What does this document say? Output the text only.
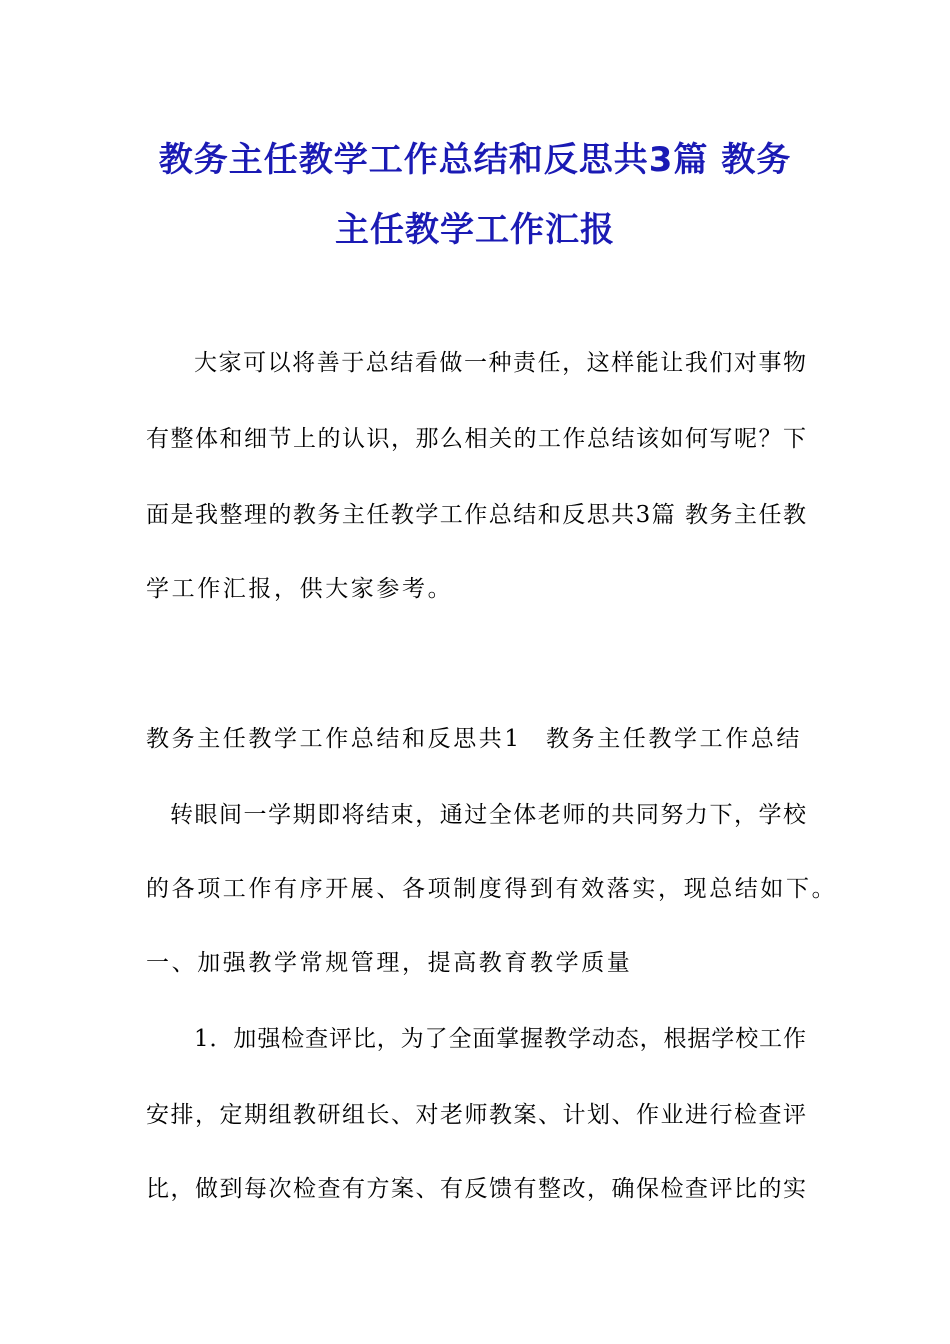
教务主任教学工作总结和反思共3篇 教务
主任教学工作汇报
大家可以将善于总结看做一种责任，这样能让我们对事物
有整体和细节上的认识，那么相关的工作总结该如何写呢？下
面是我整理的教务主任教学工作总结和反思共3篇 教务主任教
学工作汇报，供大家参考。
教务主任教学工作总结和反思共1 教务主任教学工作总结
转眼间一学期即将结束，通过全体老师的共同努力下，学校
的各项工作有序开展、各项制度得到有效落实，现总结如下。
一、加强教学常规管理，提高教育教学质量
1．加强检查评比，为了全面掌握教学动态，根据学校工作
安排，定期组教研组长、对老师教案、计划、作业进行检查评
比，做到每次检查有方案、有反馈有整改，确保检查评比的实
